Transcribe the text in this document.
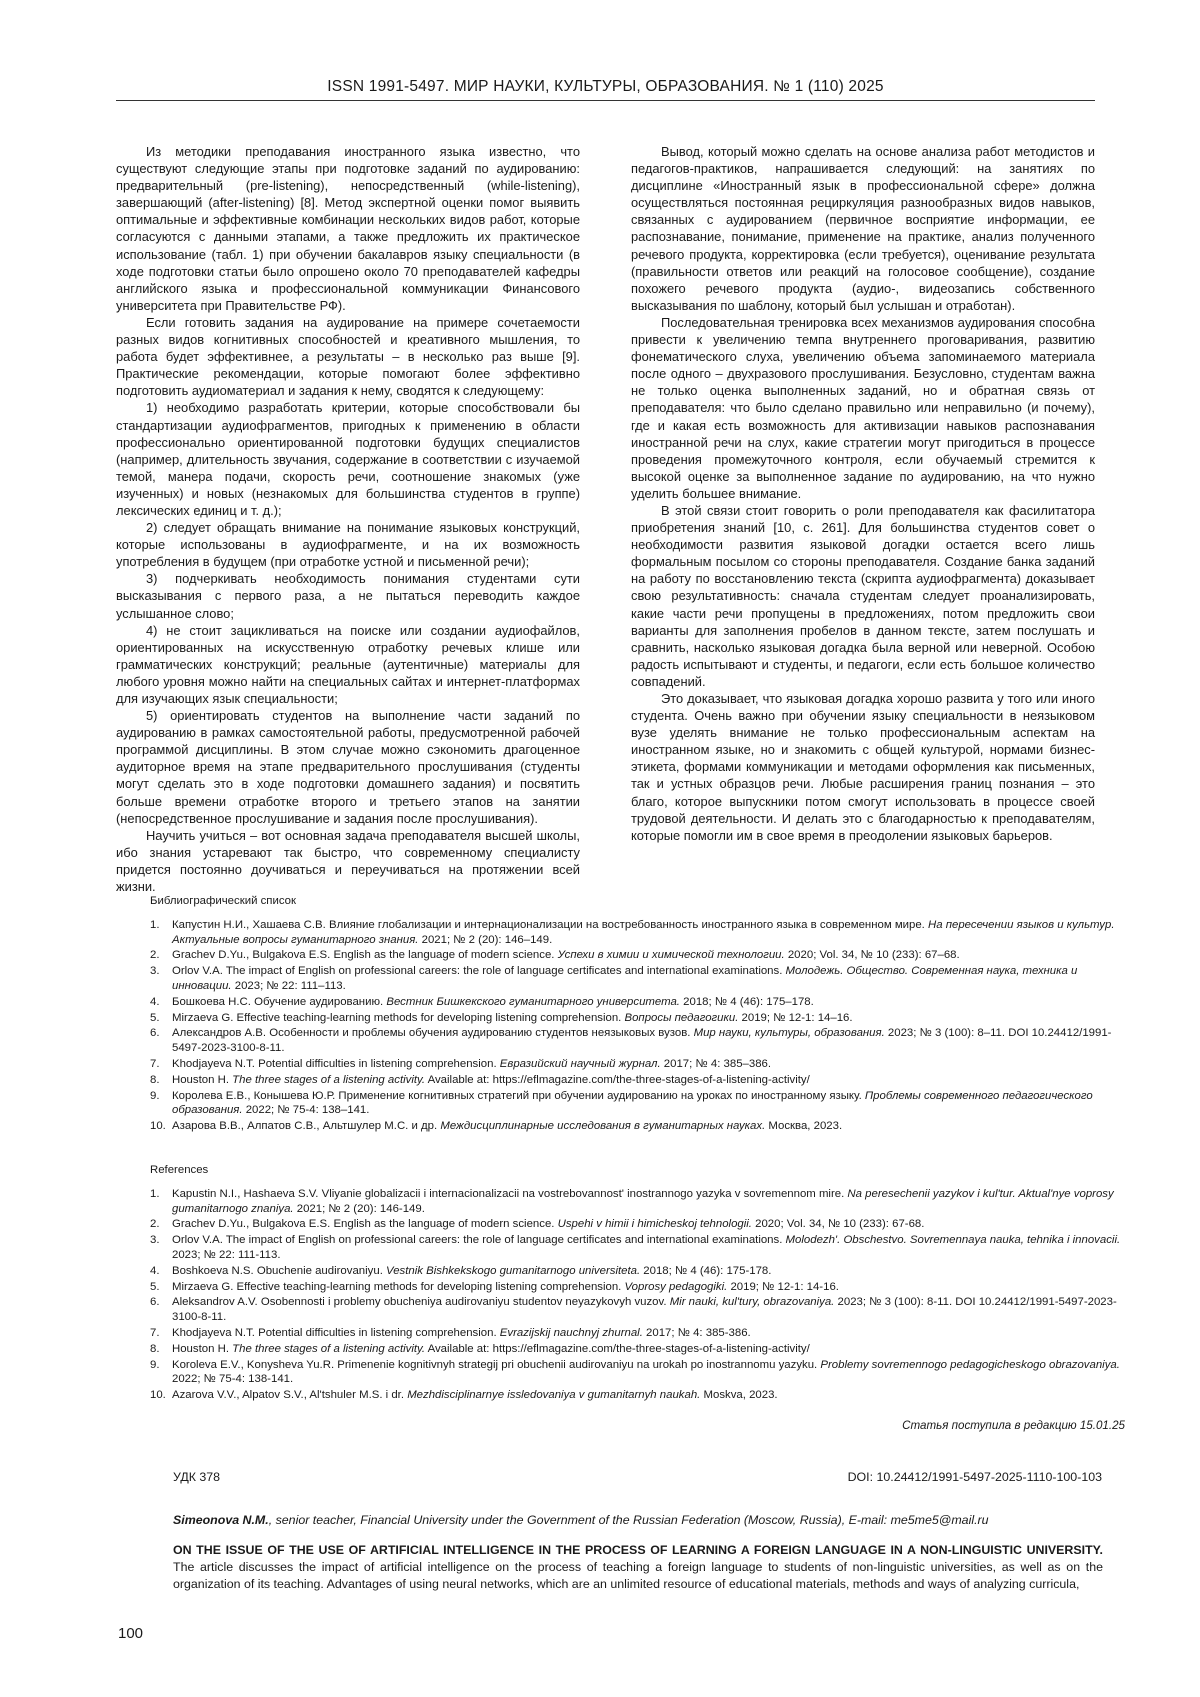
ISSN 1991-5497. МИР НАУКИ, КУЛЬТУРЫ, ОБРАЗОВАНИЯ. № 1 (110) 2025

Из методики преподавания иностранного языка известно, что существуют следующие этапы при подготовке заданий по аудированию: предварительный (pre-listening), непосредственный (while-listening), завершающий (after-listening) [8]. Метод экспертной оценки помог выявить оптимальные и эффективные комбинации нескольких видов работ, которые согласуются с данными этапами, а также предложить их практическое использование (табл. 1) при обучении бакалавров языку специальности (в ходе подготовки статьи было опрошено около 70 преподавателей кафедры английского языка и профессиональной коммуникации Финансового университета при Правительстве РФ).

Если готовить задания на аудирование на примере сочетаемости разных видов когнитивных способностей и креативного мышления, то работа будет эффективнее, а результаты – в несколько раз выше [9]. Практические рекомендации, которые помогают более эффективно подготовить аудиоматериал и задания к нему, сводятся к следующему:

1) необходимо разработать критерии, которые способствовали бы стандартизации аудиофрагментов, пригодных к применению в области профессионально ориентированной подготовки будущих специалистов (например, длительность звучания, содержание в соответствии с изучаемой темой, манера подачи, скорость речи, соотношение знакомых (уже изученных) и новых (незнакомых для большинства студентов в группе) лексических единиц и т. д.);

2) следует обращать внимание на понимание языковых конструкций, которые использованы в аудиофрагменте, и на их возможность употребления в будущем (при отработке устной и письменной речи);

3) подчеркивать необходимость понимания студентами сути высказывания с первого раза, а не пытаться переводить каждое услышанное слово;

4) не стоит зацикливаться на поиске или создании аудиофайлов, ориентированных на искусственную отработку речевых клише или грамматических конструкций; реальные (аутентичные) материалы для любого уровня можно найти на специальных сайтах и интернет-платформах для изучающих язык специальности;

5) ориентировать студентов на выполнение части заданий по аудированию в рамках самостоятельной работы, предусмотренной рабочей программой дисциплины. В этом случае можно сэкономить драгоценное аудиторное время на этапе предварительного прослушивания (студенты могут сделать это в ходе подготовки домашнего задания) и посвятить больше времени отработке второго и третьего этапов на занятии (непосредственное прослушивание и задания после прослушивания).

Научить учиться – вот основная задача преподавателя высшей школы, ибо знания устаревают так быстро, что современному специалисту придется постоянно доучиваться и переучиваться на протяжении всей жизни.

Вывод, который можно сделать на основе анализа работ методистов и педагогов-практиков, напрашивается следующий: на занятиях по дисциплине «Иностранный язык в профессиональной сфере» должна осуществляться постоянная рециркуляция разнообразных видов навыков, связанных с аудированием (первичное восприятие информации, ее распознавание, понимание, применение на практике, анализ полученного речевого продукта, корректировка (если требуется), оценивание результата (правильности ответов или реакций на голосовое сообщение), создание похожего речевого продукта (аудио-, видеозапись собственного высказывания по шаблону, который был услышан и отработан).

Последовательная тренировка всех механизмов аудирования способна привести к увеличению темпа внутреннего проговаривания, развитию фонематического слуха, увеличению объема запоминаемого материала после одного – двухразового прослушивания. Безусловно, студентам важна не только оценка выполненных заданий, но и обратная связь от преподавателя: что было сделано правильно или неправильно (и почему), где и какая есть возможность для активизации навыков распознавания иностранной речи на слух, какие стратегии могут пригодиться в процессе проведения промежуточного контроля, если обучаемый стремится к высокой оценке за выполненное задание по аудированию, на что нужно уделить большее внимание.

В этой связи стоит говорить о роли преподавателя как фасилитатора приобретения знаний [10, с. 261]. Для большинства студентов совет о необходимости развития языковой догадки остается всего лишь формальным посылом со стороны преподавателя. Создание банка заданий на работу по восстановлению текста (скрипта аудиофрагмента) доказывает свою результативность: сначала студентам следует проанализировать, какие части речи пропущены в предложениях, потом предложить свои варианты для заполнения пробелов в данном тексте, затем послушать и сравнить, насколько языковая догадка была верной или неверной. Особою радость испытывают и студенты, и педагоги, если есть большое количество совпадений.

Это доказывает, что языковая догадка хорошо развита у того или иного студента. Очень важно при обучении языку специальности в неязыковом вузе уделять внимание не только профессиональным аспектам на иностранном языке, но и знакомить с общей культурой, нормами бизнес-этикета, формами коммуникации и методами оформления как письменных, так и устных образцов речи. Любые расширения границ познания – это благо, которое выпускники потом смогут использовать в процессе своей трудовой деятельности. И делать это с благодарностью к преподавателям, которые помогли им в свое время в преодолении языковых барьеров.

Библиографический список
1. Капустин Н.И., Хашаева С.В. Влияние глобализации и интернационализации на востребованность иностранного языка в современном мире. На пересечении языков и культур. Актуальные вопросы гуманитарного знания. 2021; № 2 (20): 146–149.
2. Grachev D.Yu., Bulgakova E.S. English as the language of modern science. Успехи в химии и химической технологии. 2020; Vol. 34, № 10 (233): 67–68.
3. Orlov V.A. The impact of English on professional careers: the role of language certificates and international examinations. Молодежь. Общество. Современная наука, техника и инновации. 2023; № 22: 111–113.
4. Бошкоева Н.С. Обучение аудированию. Вестник Бишкекского гуманитарного университета. 2018; № 4 (46): 175–178.
5. Mirzaeva G. Effective teaching-learning methods for developing listening comprehension. Вопросы педагогики. 2019; № 12-1: 14–16.
6. Александров А.В. Особенности и проблемы обучения аудированию студентов неязыковых вузов. Мир науки, культуры, образования. 2023; № 3 (100): 8–11. DOI 10.24412/1991-5497-2023-3100-8-11.
7. Khodjayeva N.T. Potential difficulties in listening comprehension. Евразийский научный журнал. 2017; № 4: 385–386.
8. Houston H. The three stages of a listening activity. Available at: https://eflmagazine.com/the-three-stages-of-a-listening-activity/
9. Королева Е.В., Конышева Ю.Р. Применение когнитивных стратегий при обучении аудированию на уроках по иностранному языку. Проблемы современного педагогического образования. 2022; № 75-4: 138–141.
10. Азарова В.В., Алпатов С.В., Альтшулер М.С. и др. Междисциплинарные исследования в гуманитарных науках. Москва, 2023.
References
1. Kapustin N.I., Hashaeva S.V. Vliyanie globalizacii i internacionalizacii na vostrebovannost' inostrannogo yazyka v sovremennom mire. Na peresechenii yazykov i kul'tur. Aktual'nye voprosy gumanitarnogo znaniya. 2021; № 2 (20): 146-149.
2. Grachev D.Yu., Bulgakova E.S. English as the language of modern science. Uspehi v himii i himicheskoj tehnologii. 2020; Vol. 34, № 10 (233): 67-68.
3. Orlov V.A. The impact of English on professional careers: the role of language certificates and international examinations. Molodezh'. Obschestvo. Sovremennaya nauka, tehnika i innovacii. 2023; № 22: 111-113.
4. Boshkoeva N.S. Obuchenie audirovaniyu. Vestnik Bishkekskogo gumanitarnogo universiteta. 2018; № 4 (46): 175-178.
5. Mirzaeva G. Effective teaching-learning methods for developing listening comprehension. Voprosy pedagogiki. 2019; № 12-1: 14-16.
6. Aleksandrov A.V. Osobennosti i problemy obucheniya audirovaniyu studentov neyazykovyh vuzov. Mir nauki, kul'tury, obrazovaniya. 2023; № 3 (100): 8-11. DOI 10.24412/1991-5497-2023-3100-8-11.
7. Khodjayeva N.T. Potential difficulties in listening comprehension. Evrazijskij nauchnyj zhurnal. 2017; № 4: 385-386.
8. Houston H. The three stages of a listening activity. Available at: https://eflmagazine.com/the-three-stages-of-a-listening-activity/
9. Koroleva E.V., Konysheva Yu.R. Primenenie kognitivnyh strategij pri obuchenii audirovaniyu na urokah po inostrannomu yazyku. Problemy sovremennogo pedagogicheskogo obrazovaniya. 2022; № 75-4: 138-141.
10. Azarova V.V., Alpatov S.V., Al'tshuler M.S. i dr. Mezhdisciplinarnye issledovaniya v gumanitarnyh naukah. Moskva, 2023.
Статья поступила в редакцию 15.01.25
УДК 378	DOI: 10.24412/1991-5497-2025-1110-100-103
Simeonova N.M., senior teacher, Financial University under the Government of the Russian Federation (Moscow, Russia), E-mail: me5me5@mail.ru
ON THE ISSUE OF THE USE OF ARTIFICIAL INTELLIGENCE IN THE PROCESS OF LEARNING A FOREIGN LANGUAGE IN A NON-LINGUISTIC UNIVERSITY. The article discusses the impact of artificial intelligence on the process of teaching a foreign language to students of non-linguistic universities, as well as on the organization of its teaching. Advantages of using neural networks, which are an unlimited resource of educational materials, methods and ways of analyzing curricula,
100
